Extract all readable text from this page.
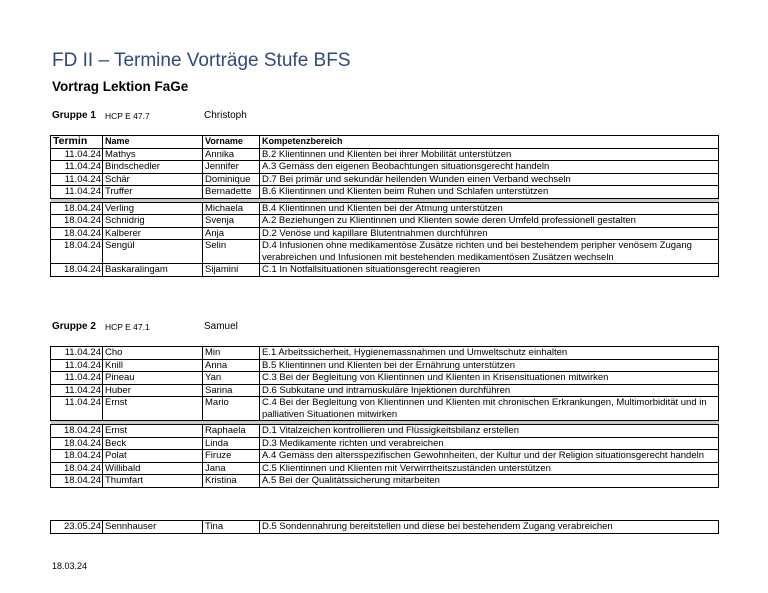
FD II – Termine Vorträge Stufe BFS
Vortrag Lektion FaGe
Gruppe 1 HCP E 47.7	Christoph
Termin	Name	Vorname	Kompetenzbereich
11.04.24	Mathys	Annika	B.2 Klientinnen und Klienten bei ihrer Mobilität unterstützen
11.04.24	Bindschedler	Jennifer	A.3 Gemäss den eigenen Beobachtungen situationsgerecht handeln
11.04.24	Schär	Dominique	D.7 Bei primär und sekundär heilenden Wunden einen Verband wechseln
11.04.24	Truffer	Bernadette	B.6 Klientinnen und Klienten beim Ruhen und Schlafen unterstützen

18.04.24	Verling	Michaela	B.4 Klientinnen und Klienten bei der Atmung unterstützen
18.04.24	Schnidrig	Svenja	A.2 Beziehungen zu Klientinnen und Klienten sowie deren Umfeld professionell gestalten
18.04.24	Kalberer	Anja	D.2 Venöse und kapillare Blutentnahmen durchführen
18.04.24	Sengül	Selin	D.4 Infusionen ohne medikamentöse Zusätze richten und bei bestehendem peripher venösem Zugang verabreichen und Infusionen mit bestehenden medikamentösen Zusätzen wechseln
18.04.24	Baskaralingam	Sijamini	C.1 In Notfallsituationen situationsgerecht reagieren
Gruppe 2 HCP E 47.1	Samuel
11.04.24	Cho	Min	E.1 Arbeitssicherheit, Hygienemassnahmen und Umweltschutz einhalten
11.04.24	Knill	Anna	B.5 Klientinnen und Klienten bei der Ernährung unterstützen
11.04.24	Pineau	Yan	C.3 Bei der Begleitung von Klientinnen und Klienten in Krisensituationen mitwirken
11.04.24	Huber	Sarina	D.6 Subkutane und intramuskuläre Injektionen durchführen
11.04.24	Ernst	Mario	C.4 Bei der Begleitung von Klientinnen und Klienten mit chronischen Erkrankungen, Multimorbidität und in palliativen Situationen mitwirken

18.04.24	Ernst	Raphaela	D.1 Vitalzeichen kontrollieren und Flüssigkeitsbilanz erstellen
18.04.24	Beck	Linda	D.3 Medikamente richten und verabreichen
18.04.24	Polat	Firuze	A.4 Gemäss den altersspezifischen Gewohnheiten, der Kultur und der Religion situationsgerecht handeln
18.04.24	Willibald	Jana	C.5 Klientinnen und Klienten mit Verwirrtheitszuständen unterstützen
18.04.24	Thumfart	Kristina	A.5 Bei der Qualitätssicherung mitarbeiten
23.05.24	Sennhauser	Tina	D.5 Sondennahrung bereitstellen und diese bei bestehendem Zugang verabreichen
18.03.24
